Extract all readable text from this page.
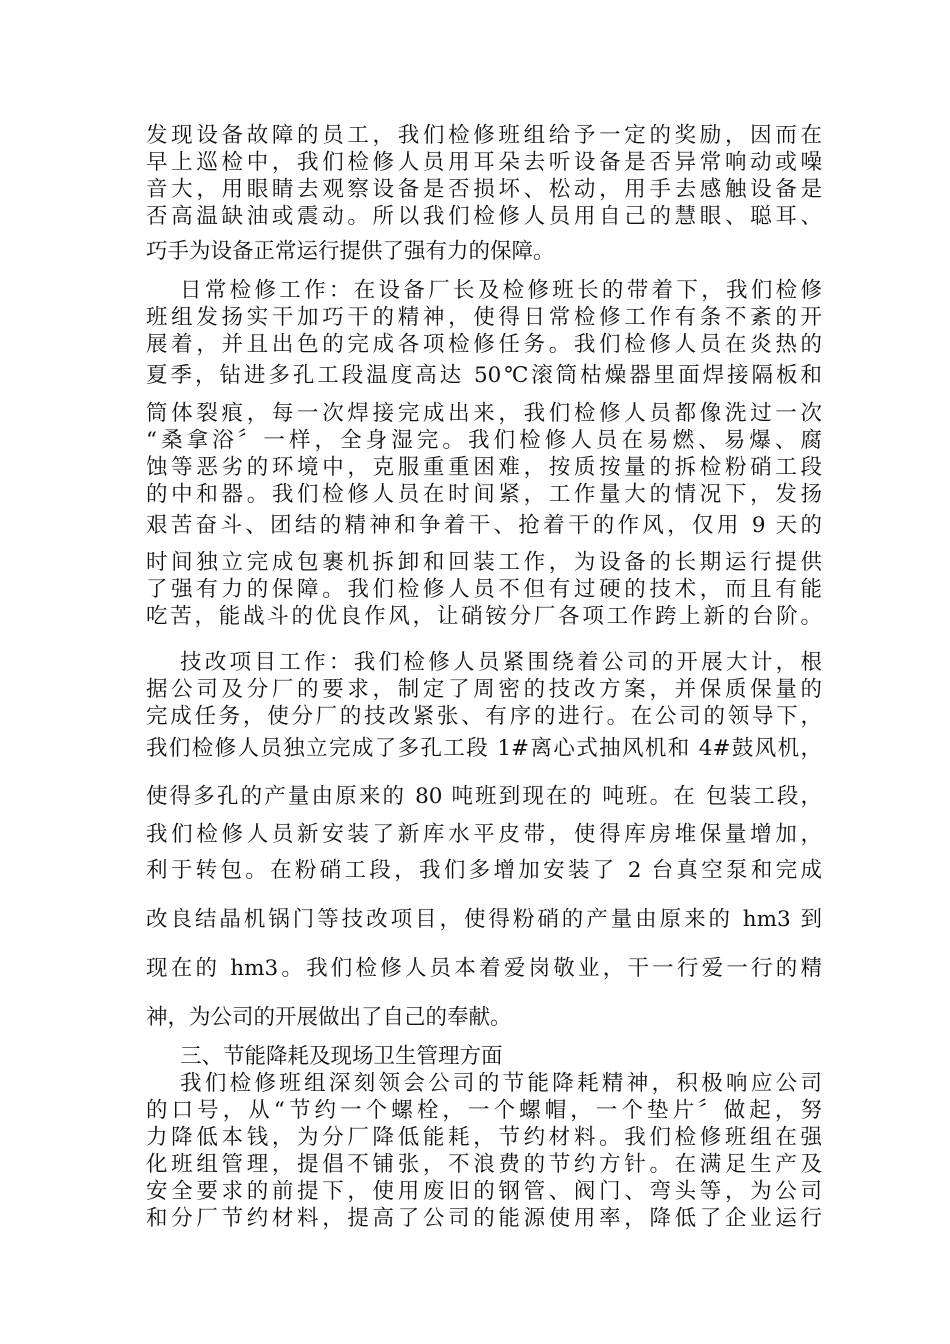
发现设备故障的员工，我们检修班组给予一定的奖励，因而在
早上巡检中，我们检修人员用耳朵去听设备是否异常响动或噪
音大，用眼睛去观察设备是否损坏、松动，用手去感触设备是
否高温缺油或震动。所以我们检修人员用自己的慧眼、聪耳、
巧手为设备正常运行提供了强有力的保障。
日常检修工作：在设备厂长及检修班长的带着下，我们检修
班组发扬实干加巧干的精神，使得日常检修工作有条不紊的开
展着，并且出色的完成各项检修任务。我们检修人员在炎热的
夏季，钻进多孔工段温度高达 50℃滚筒枯燥器里面焊接隔板和
筒体裂痕，每一次焊接完成出来，我们检修人员都像洗过一次
“桑拿浴〞一样，全身湿完。我们检修人员在易燃、易爆、腐
蚀等恶劣的环境中，克服重重困难，按质按量的拆检粉硝工段
的中和器。我们检修人员在时间紧，工作量大的情况下，发扬
艰苦奋斗、团结的精神和争着干、抢着干的作风，仅用 9 天的
时间独立完成包裹机拆卸和回装工作，为设备的长期运行提供
了强有力的保障。我们检修人员不但有过硬的技术，而且有能
吃苦，能战斗的优良作风，让硝铵分厂各项工作跨上新的台阶。
技改项目工作：我们检修人员紧围绕着公司的开展大计，根
据公司及分厂的要求，制定了周密的技改方案，并保质保量的
完成任务，使分厂的技改紧张、有序的进行。在公司的领导下，
我们检修人员独立完成了多孔工段 1#离心式抽风机和 4#鼓风机，
使得多孔的产量由原来的 80 吨班到现在的 吨班。在 包装工段，
我们检修人员新安装了新库水平皮带，使得库房堆保量增加，
利于转包。在粉硝工段，我们多增加安装了 2 台真空泵和完成
改良结晶机锅门等技改项目，使得粉硝的产量由原来的 hm3 到
现在的 hm3。我们检修人员本着爱岗敬业，干一行爱一行的精
神，为公司的开展做出了自己的奉献。
三、节能降耗及现场卫生管理方面
我们检修班组深刻领会公司的节能降耗精神，积极响应公司
的口号，从“节约一个螺栓，一个螺帽，一个垫片〞做起，努
力降低本钱，为分厂降低能耗，节约材料。我们检修班组在强
化班组管理，提倡不铺张，不浪费的节约方针。在满足生产及
安全要求的前提下，使用废旧的钢管、阀门、弯头等，为公司
和分厂节约材料，提高了公司的能源使用率，降低了企业运行
